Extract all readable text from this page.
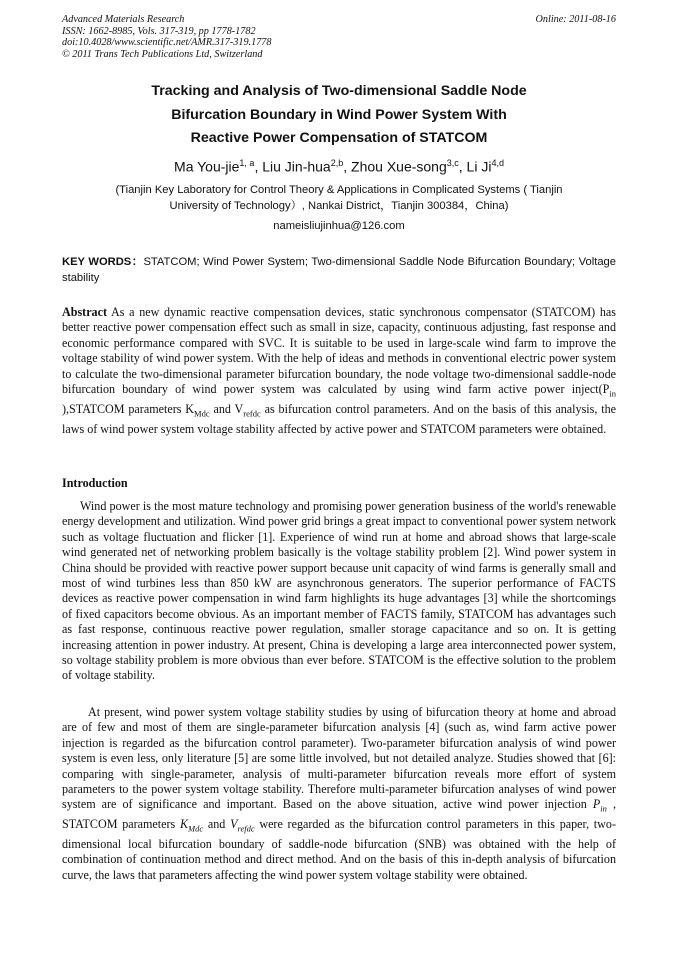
Advanced Materials Research
ISSN: 1662-8985, Vols. 317-319, pp 1778-1782
doi:10.4028/www.scientific.net/AMR.317-319.1778
© 2011 Trans Tech Publications Ltd, Switzerland
Online: 2011-08-16
Tracking and Analysis of Two-dimensional Saddle Node
Bifurcation Boundary in Wind Power System With
Reactive Power Compensation of STATCOM
Ma You-jie$^{1, a}$, Liu Jin-hua$^{2,b}$, Zhou Xue-song$^{3,c}$, Li Ji$^{4,d}$
(Tianjin Key Laboratory for Control Theory & Applications in Complicated Systems ( Tianjin
University of Technology）, Nankai District，Tianjin 300384，China)
nameisliujinhua@126.com
KEY WORDS：STATCOM; Wind Power System; Two-dimensional Saddle Node Bifurcation Boundary; Voltage stability
Abstract As a new dynamic reactive compensation devices, static synchronous compensator (STATCOM) has better reactive power compensation effect such as small in size, capacity, continuous adjusting, fast response and economic performance compared with SVC. It is suitable to be used in large-scale wind farm to improve the voltage stability of wind power system. With the help of ideas and methods in conventional electric power system to calculate the two-dimensional parameter bifurcation boundary, the node voltage two-dimensional saddle-node bifurcation boundary of wind power system was calculated by using wind farm active power $inject(P_{in}$ ),STATCOM parameters $K_{Mdc}$ and $V_{refdc}$ as bifurcation control parameters. And on the basis of this analysis, the laws of wind power system voltage stability affected by active power and STATCOM parameters were obtained.
Introduction
Wind power is the most mature technology and promising power generation business of the world's renewable energy development and utilization. Wind power grid brings a great impact to conventional power system network such as voltage fluctuation and flicker [1]. Experience of wind run at home and abroad shows that large-scale wind generated net of networking problem basically is the voltage stability problem [2]. Wind power system in China should be provided with reactive power support because unit capacity of wind farms is generally small and most of wind turbines less than 850 kW are asynchronous generators. The superior performance of FACTS devices as reactive power compensation in wind farm highlights its huge advantages [3] while the shortcomings of fixed capacitors become obvious. As an important member of FACTS family, STATCOM has advantages such as fast response, continuous reactive power regulation, smaller storage capacitance and so on. It is getting increasing attention in power industry. At present, China is developing a large area interconnected power system, so voltage stability problem is more obvious than ever before. STATCOM is the effective solution to the problem of voltage stability.
At present, wind power system voltage stability studies by using of bifurcation theory at home and abroad are of few and most of them are single-parameter bifurcation analysis [4] (such as, wind farm active power injection is regarded as the bifurcation control parameter). Two-parameter bifurcation analysis of wind power system is even less, only literature [5] are some little involved, but not detailed analyze. Studies showed that [6]: comparing with single-parameter, analysis of multi-parameter bifurcation reveals more effort of system parameters to the power system voltage stability. Therefore multi-parameter bifurcation analyses of wind power system are of significance and important. Based on the above situation, active wind power injection $P_{in}$ , STATCOM parameters $K_{Mdc}$ and $V_{refdc}$ were regarded as the bifurcation control parameters in this paper, two-dimensional local bifurcation boundary of saddle-node bifurcation (SNB) was obtained with the help of combination of continuation method and direct method. And on the basis of this in-depth analysis of bifurcation curve, the laws that parameters affecting the wind power system voltage stability were obtained.
